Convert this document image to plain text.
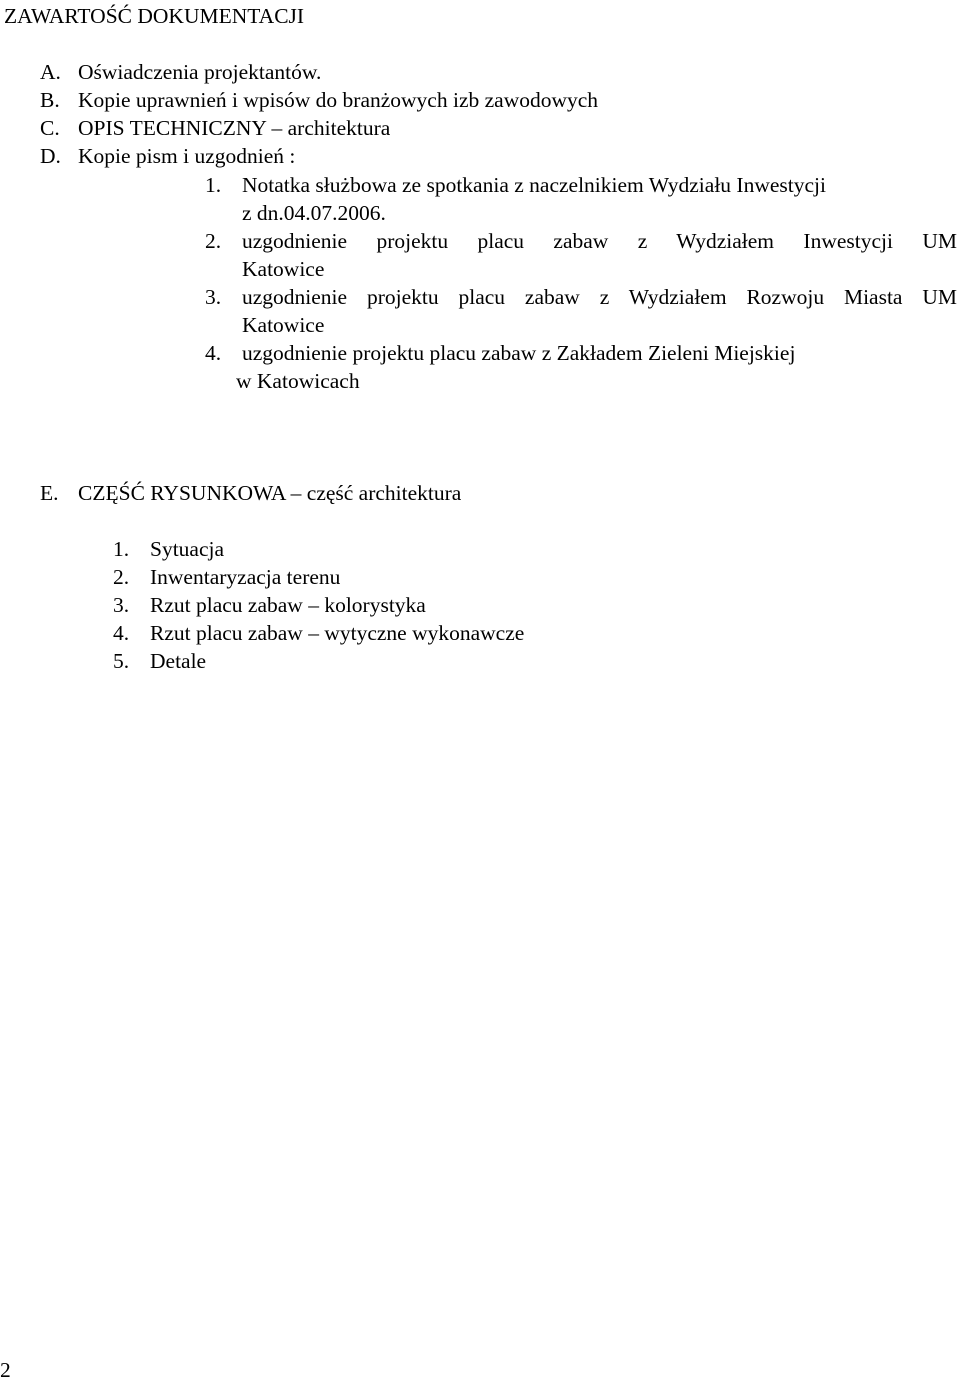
ZAWARTOŚĆ DOKUMENTACJI
A. Oświadczenia projektantów.
B. Kopie uprawnień i wpisów do branżowych izb zawodowych
C. OPIS TECHNICZNY – architektura
D. Kopie pism i uzgodnień :
1. Notatka służbowa ze spotkania z naczelnikiem Wydziału Inwestycji
z dn.04.07.2006.
2. uzgodnienie projektu placu zabaw z Wydziałem Inwestycji UM
Katowice
3. uzgodnienie projektu placu zabaw z Wydziałem Rozwoju Miasta UM
Katowice
4. uzgodnienie projektu placu zabaw z Zakładem Zieleni Miejskiej
w Katowicach
E. CZĘŚĆ RYSUNKOWA – część architektura
1. Sytuacja
2. Inwentaryzacja terenu
3. Rzut placu zabaw – kolorystyka
4. Rzut placu zabaw – wytyczne wykonawcze
5. Detale
2
